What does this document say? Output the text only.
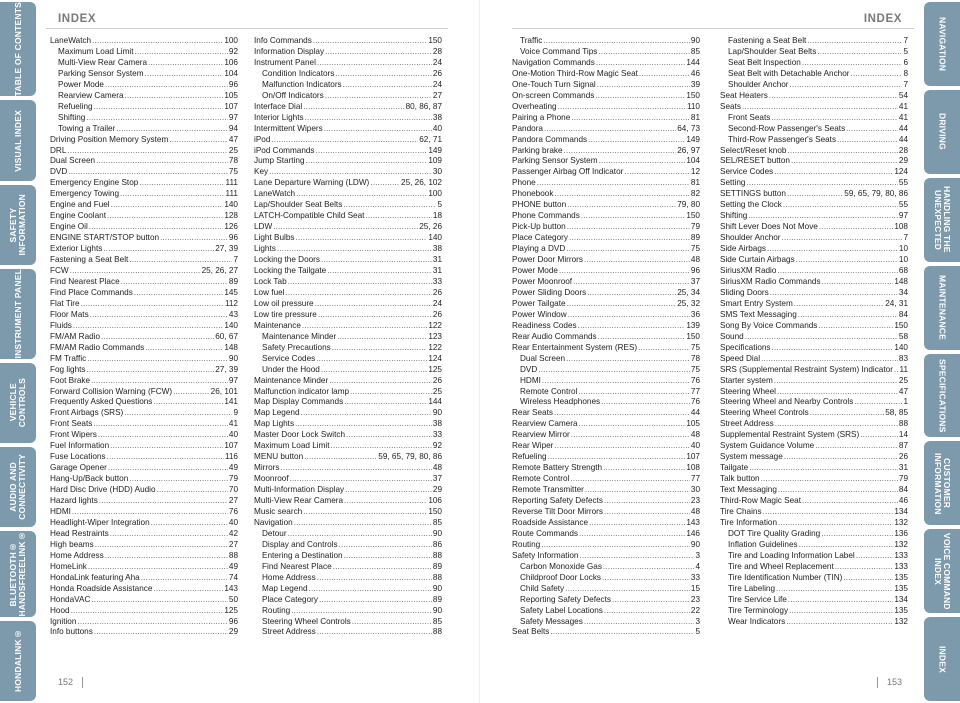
TABLE OF CONTENTS
VISUAL INDEX
SAFETY
INFORMATION
INSTRUMENT PANEL
VEHICLE
CONTROLS
AUDIO AND
CONNECTIVITY
BLUETOOTH®
HANDSFREELINK®
HONDALINK®
NAVIGATION
DRIVING
HANDLING THE
UNEXPECTED
MAINTENANCE
SPECIFICATIONS
CUSTOMER
INFORMATION
VOICE COMMAND
INDEX
INDEX
INDEX	INDEX
LaneWatch .....	100
Maximum Load Limit .....	92
Multi-View Rear Camera .....	106
Parking Sensor System .....	104
Power Mode .....	96
Rearview Camera .....	105
Refueling .....	107
Shifting .....	97
Towing a Trailer .....	94
Driving Position Memory System .....	47
DRL .....	25
Dual Screen .....	78
DVD .....	75
Emergency Engine Stop .....	111
Emergency Towing .....	111
Engine and Fuel .....	140
Engine Coolant .....	128
Engine Oil .....	126
ENGINE START/STOP button .....	96
Exterior Lights .....	27, 39
Fastening a Seat Belt .....	7
FCW .....	25, 26, 27
Find Nearest Place .....	89
Find Place Commands .....	145
Flat Tire .....	112
Floor Mats .....	43
Fluids .....	140
FM/AM Radio .....	60, 67
FM/AM Radio Commands .....	148
FM Traffic .....	90
Fog lights .....	27, 39
Foot Brake .....	97
Forward Collision Warning (FCW) .....	26, 101
Frequently Asked Questions .....	141
Front Airbags (SRS) .....	9
Front Seats .....	41
Front Wipers .....	40
Fuel Information .....	107
Fuse Locations .....	116
Garage Opener .....	49
Hang-Up/Back button .....	79
Hard Disc Drive (HDD) Audio .....	70
Hazard lights .....	27
HDMI .....	76
Headlight-Wiper Integration .....	40
Head Restraints .....	42
High beams .....	27
Home Address .....	88
HomeLink .....	49
HondaLink featuring Aha .....	74
Honda Roadside Assistance .....	143
HondaVAC .....	50
Hood .....	125
Ignition .....	96
Info buttons .....	29
Info Commands .....	150
Information Display .....	28
Instrument Panel .....	24
Condition Indicators .....	26
Malfunction Indicators .....	24
On/Off Indicators .....	27
Interface Dial .....	80, 86, 87
Interior Lights .....	38
Intermittent Wipers .....	40
iPod .....	62, 71
iPod Commands .....	149
Jump Starting .....	109
Key .....	30
Lane Departure Warning (LDW) .....	25, 26, 102
LaneWatch .....	100
Lap/Shoulder Seat Belts .....	5
LATCH-Compatible Child Seat .....	18
LDW .....	25, 26
Light Bulbs .....	140
Lights .....	38
Locking the Doors .....	31
Locking the Tailgate .....	31
Lock Tab .....	33
Low fuel .....	26
Low oil pressure .....	24
Low tire pressure .....	26
Maintenance .....	122
Maintenance Minder .....	123
Safety Precautions .....	122
Service Codes .....	124
Under the Hood .....	125
Maintenance Minder .....	26
Malfunction indicator lamp .....	25
Map Display Commands .....	144
Map Legend .....	90
Map Lights .....	38
Master Door Lock Switch .....	33
Maximum Load Limit .....	92
MENU button .....	59, 65, 79, 80, 86
Mirrors .....	48
Moonroof .....	37
Multi-Information Display .....	29
Multi-View Rear Camera .....	106
Music search .....	150
Navigation .....	85
Detour .....	90
Display and Controls .....	86
Entering a Destination .....	88
Find Nearest Place .....	89
Home Address .....	88
Map Legend .....	90
Place Category .....	89
Routing .....	90
Steering Wheel Controls .....	85
Street Address .....	88
Traffic .....	90
Voice Command Tips .....	85
Navigation Commands .....	144
One-Motion Third-Row Magic Seat .....	46
One-Touch Turn Signal .....	39
On-screen Commands .....	150
Overheating .....	110
Pairing a Phone .....	81
Pandora .....	64, 73
Pandora Commands .....	149
Parking brake .....	26, 97
Parking Sensor System .....	104
Passenger Airbag Off Indicator .....	12
Phone .....	81
Phonebook .....	82
PHONE button .....	79, 80
Phone Commands .....	150
Pick-Up button .....	79
Place Category .....	89
Playing a DVD .....	75
Power Door Mirrors .....	48
Power Mode .....	96
Power Moonroof .....	37
Power Sliding Doors .....	25, 34
Power Tailgate .....	25, 32
Power Window .....	36
Readiness Codes .....	139
Rear Audio Commands .....	150
Rear Entertainment System (RES) .....	75
Dual Screen .....	78
DVD .....	75
HDMI .....	76
Remote Control .....	77
Wireless Headphones .....	76
Rear Seats .....	44
Rearview Camera .....	105
Rearview Mirror .....	48
Rear Wiper .....	40
Refueling .....	107
Remote Battery Strength .....	108
Remote Control .....	77
Remote Transmitter .....	30
Reporting Safety Defects .....	23
Reverse Tilt Door Mirrors .....	48
Roadside Assistance .....	143
Route Commands .....	146
Routing .....	90
Safety Information .....	3
Carbon Monoxide Gas .....	4
Childproof Door Locks .....	33
Child Safety .....	15
Reporting Safety Defects .....	23
Safety Label Locations .....	22
Safety Messages .....	3
Seat Belts .....	5
Fastening a Seat Belt .....	7
Lap/Shoulder Seat Belts .....	5
Seat Belt Inspection .....	6
Seat Belt with Detachable Anchor .....	8
Shoulder Anchor .....	7
Seat Heaters .....	54
Seats .....	41
Front Seats .....	41
Second-Row Passenger's Seats .....	44
Third-Row Passenger's Seats .....	44
Select/Reset knob .....	28
SEL/RESET button .....	29
Service Codes .....	124
Setting .....	55
SETTINGS button .....	59, 65, 79, 80, 86
Setting the Clock .....	55
Shifting .....	97
Shift Lever Does Not Move .....	108
Shoulder Anchor .....	7
Side Airbags .....	10
Side Curtain Airbags .....	10
SiriusXM Radio .....	68
SiriusXM Radio Commands .....	148
Sliding Doors .....	34
Smart Entry System .....	24, 31
SMS Text Messaging .....	84
Song By Voice Commands .....	150
Sound .....	58
Specifications .....	140
Speed Dial .....	83
SRS (Supplemental Restraint System) Indicator ..... 11
Starter system .....	25
Steering Wheel .....	47
Steering Wheel and Nearby Controls .....	1
Steering Wheel Controls .....	58, 85
Street Address .....	88
Supplemental Restraint System (SRS) .....	14
System Guidance Volume .....	87
System message .....	26
Tailgate .....	31
Talk button .....	79
Text Messaging .....	84
Third-Row Magic Seat .....	46
Tire Chains .....	134
Tire Information .....	132
DOT Tire Quality Grading .....	136
Inflation Guidelines .....	132
Tire and Loading Information Label .....	133
Tire and Wheel Replacement .....	133
Tire Identification Number (TIN) .....	135
Tire Labeling .....	135
Tire Service Life .....	134
Tire Terminology .....	135
Wear Indicators .....	132
152	153
